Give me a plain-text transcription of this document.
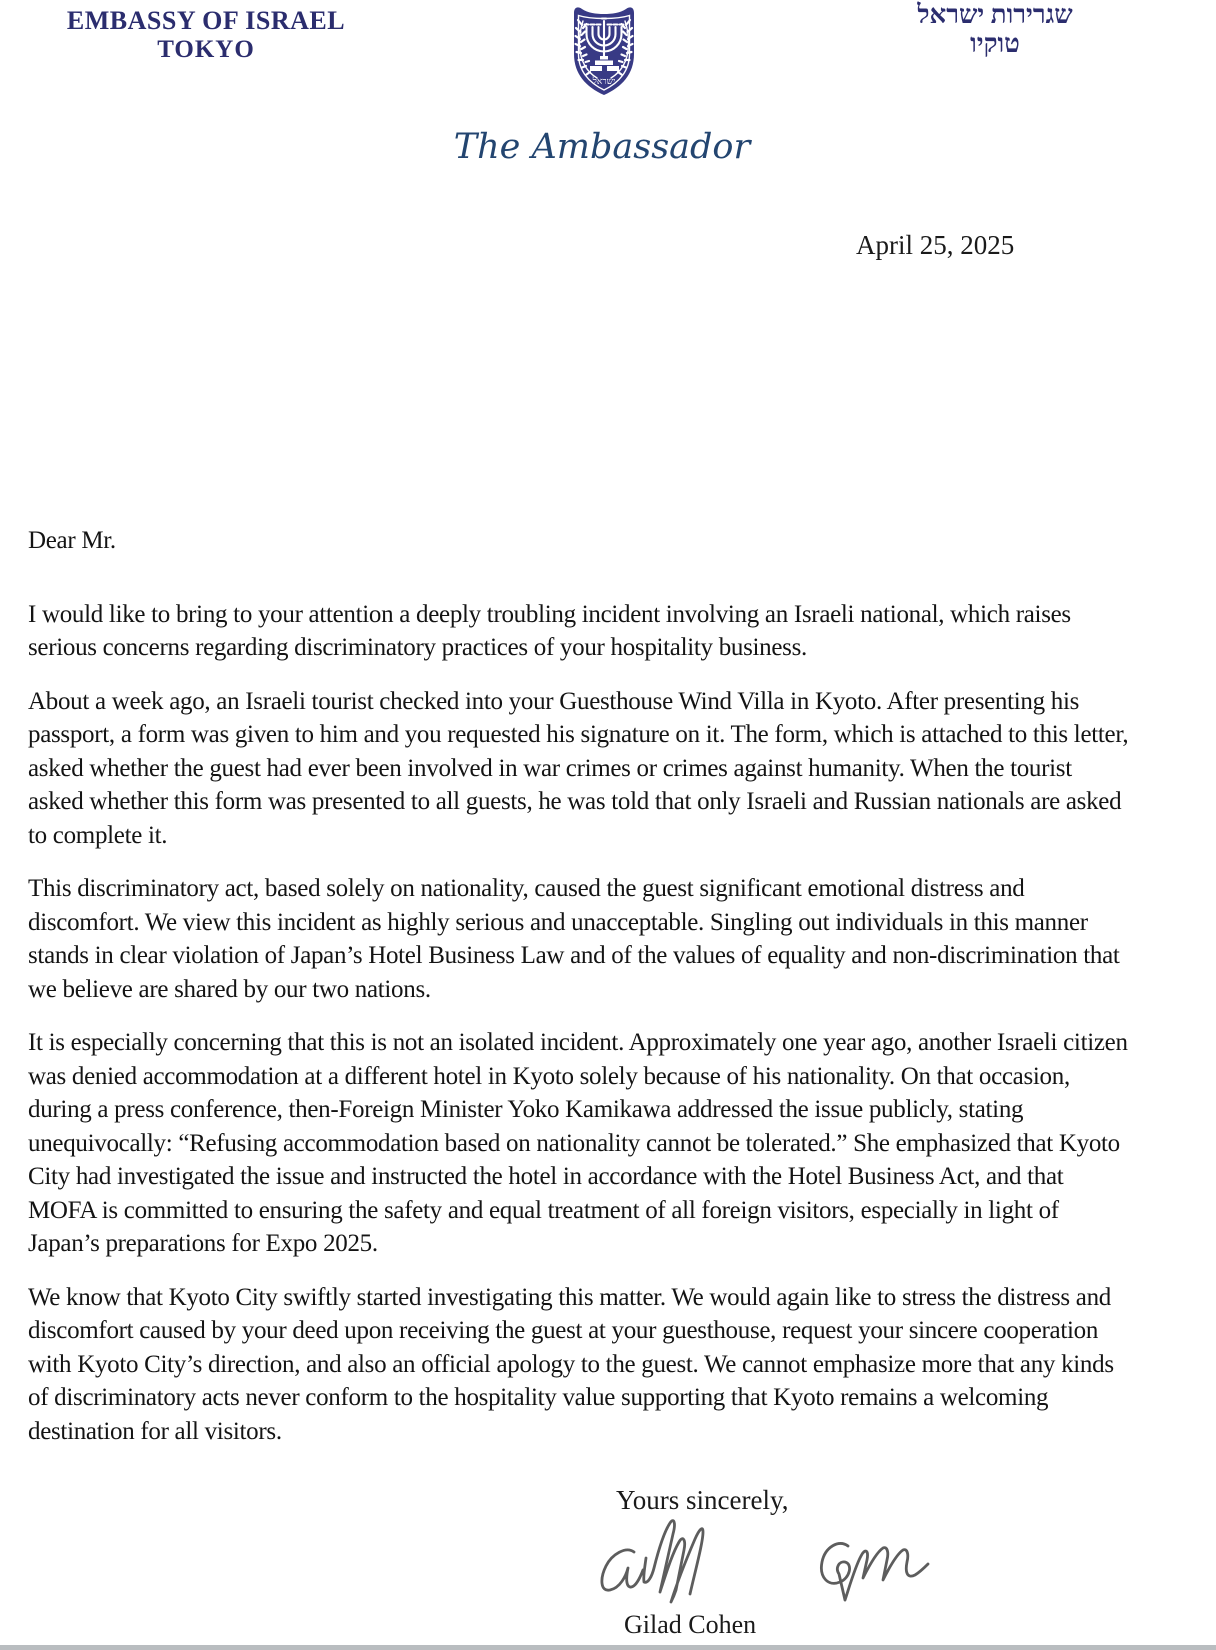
EMBASSY OF ISRAEL
TOKYO
ישראל
שגרירות ישראל
טוקיו
The Ambassador
April 25, 2025
Dear Mr.

I would like to bring to your attention a deeply troubling incident involving an Israeli national, which raises serious concerns regarding discriminatory practices of your hospitality business.

About a week ago, an Israeli tourist checked into your Guesthouse Wind Villa in Kyoto. After presenting his passport, a form was given to him and you requested his signature on it. The form, which is attached to this letter, asked whether the guest had ever been involved in war crimes or crimes against humanity. When the tourist asked whether this form was presented to all guests, he was told that only Israeli and Russian nationals are asked to complete it.

This discriminatory act, based solely on nationality, caused the guest significant emotional distress and discomfort. We view this incident as highly serious and unacceptable. Singling out individuals in this manner stands in clear violation of Japan’s Hotel Business Law and of the values of equality and non-discrimination that we believe are shared by our two nations.

It is especially concerning that this is not an isolated incident. Approximately one year ago, another Israeli citizen was denied accommodation at a different hotel in Kyoto solely because of his nationality. On that occasion, during a press conference, then-Foreign Minister Yoko Kamikawa addressed the issue publicly, stating unequivocally: “Refusing accommodation based on nationality cannot be tolerated.” She emphasized that Kyoto City had investigated the issue and instructed the hotel in accordance with the Hotel Business Act, and that MOFA is committed to ensuring the safety and equal treatment of all foreign visitors, especially in light of Japan’s preparations for Expo 2025.

We know that Kyoto City swiftly started investigating this matter. We would again like to stress the distress and discomfort caused by your deed upon receiving the guest at your guesthouse, request your sincere cooperation with Kyoto City’s direction, and also an official apology to the guest. We cannot emphasize more that any kinds of discriminatory acts never conform to the hospitality value supporting that Kyoto remains a welcoming destination for all visitors.

Yours sincerely,
Gilad Cohen
